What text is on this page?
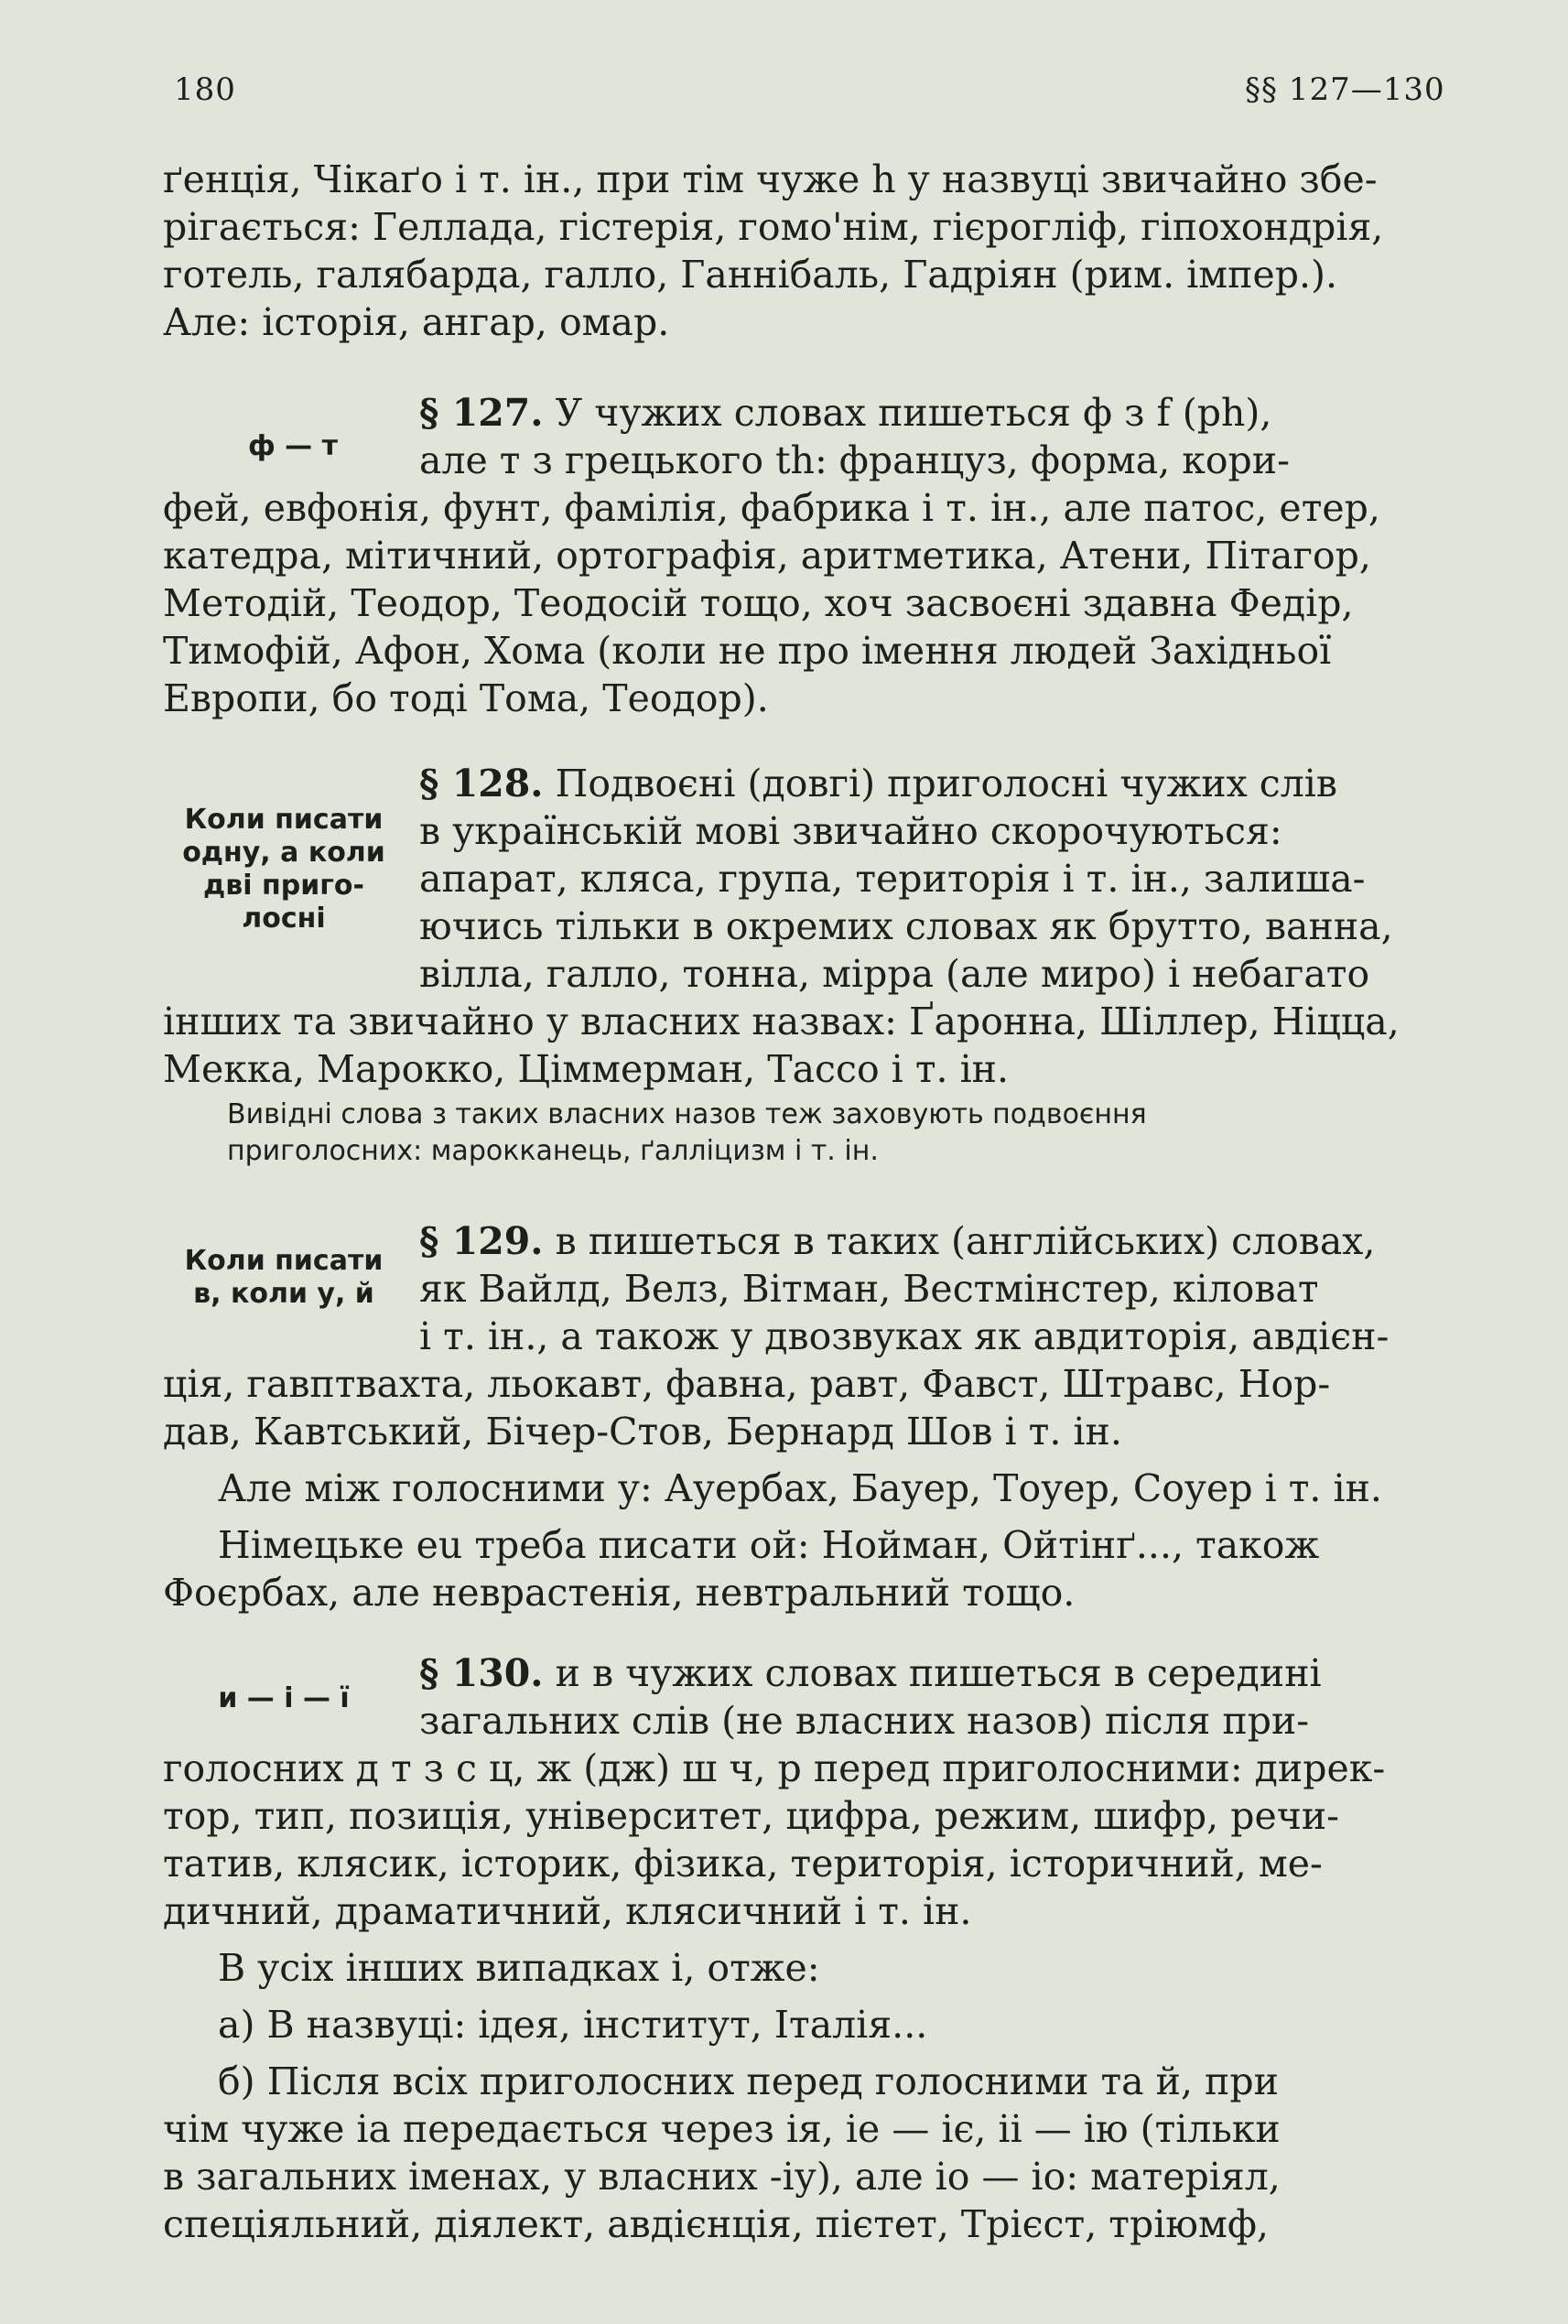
180	§§ 127—130

ґенція, Чікаґо і т. ін., при тім чуже h у назвуці звичайно збе-

рігається: Геллада, гістерія, гомо'нім, гієрогліф, гіпохондрія,

готель, галябарда, галло, Ганнібаль, Гадріян (рим. імпер.).

Але: історія, ангар, омар.

ф — т

§ 127. У чужих словах пишеться ф з f (ph),

але т з грецького th: француз, форма, кори-

фей, евфонія, фунт, фамілія, фабрика і т. ін., але патос, етер,

катедра, мітичний, ортографія, аритметика, Атени, Пітагор,

Методій, Теодор, Теодосій тощо, хоч засвоєні здавна Федір,

Тимофій, Афон, Хома (коли не про імення людей Західньої

Европи, бо тоді Тома, Теодор).

Коли писати
одну, а коли
дві приго-
лосні

§ 128. Подвоєні (довгі) приголосні чужих слів

в українській мові звичайно скорочуються:

апарат, кляса, група, територія і т. ін., залиша-

ючись тільки в окремих словах як брутто, ванна,

вілла, галло, тонна, мірра (але миро) і небагато

інших та звичайно у власних назвах: Ґаронна, Шіллер, Ніцца,

Мекка, Марокко, Ціммерман, Тассо і т. ін.

Вивідні слова з таких власних назов теж заховують подвоєння

приголосних: марокканець, ґалліцизм і т. ін.

Коли писати
в, коли у, й

§ 129. в пишеться в таких (англійських) словах,

як Вайлд, Велз, Вітман, Вестмінстер, кіловат

і т. ін., а також у двозвуках як авдиторія, авдієн-

ція, гавптвахта, льокавт, фавна, равт, Фавст, Штравс, Нор-

дав, Кавтський, Бічер-Стов, Бернард Шов і т. ін.

Але між голосними у: Ауербах, Бауер, Тоуер, Соуер і т. ін.

Німецьке eu треба писати ой: Нойман, Ойтінґ..., також

Фоєрбах, але неврастенія, невтральний тощо.

и — і — ї

§ 130. и в чужих словах пишеться в середині

загальних слів (не власних назов) після при-

голосних д т з с ц, ж (дж) ш ч, р перед приголосними: дирек-

тор, тип, позиція, університет, цифра, режим, шифр, речи-

татив, клясик, історик, фізика, територія, історичний, ме-

дичний, драматичний, клясичний і т. ін.

В усіх інших випадках і, отже:

а) В назвуці: ідея, інститут, Італія...

б) Після всіх приголосних перед голосними та й, при

чім чуже ia передається через ія, ie — іє, ii — ію (тільки

в загальних іменах, у власних -iу), але io — іо: матеріял,

спеціяльний, діялект, авдієнція, пієтет, Трієст, тріюмф,
